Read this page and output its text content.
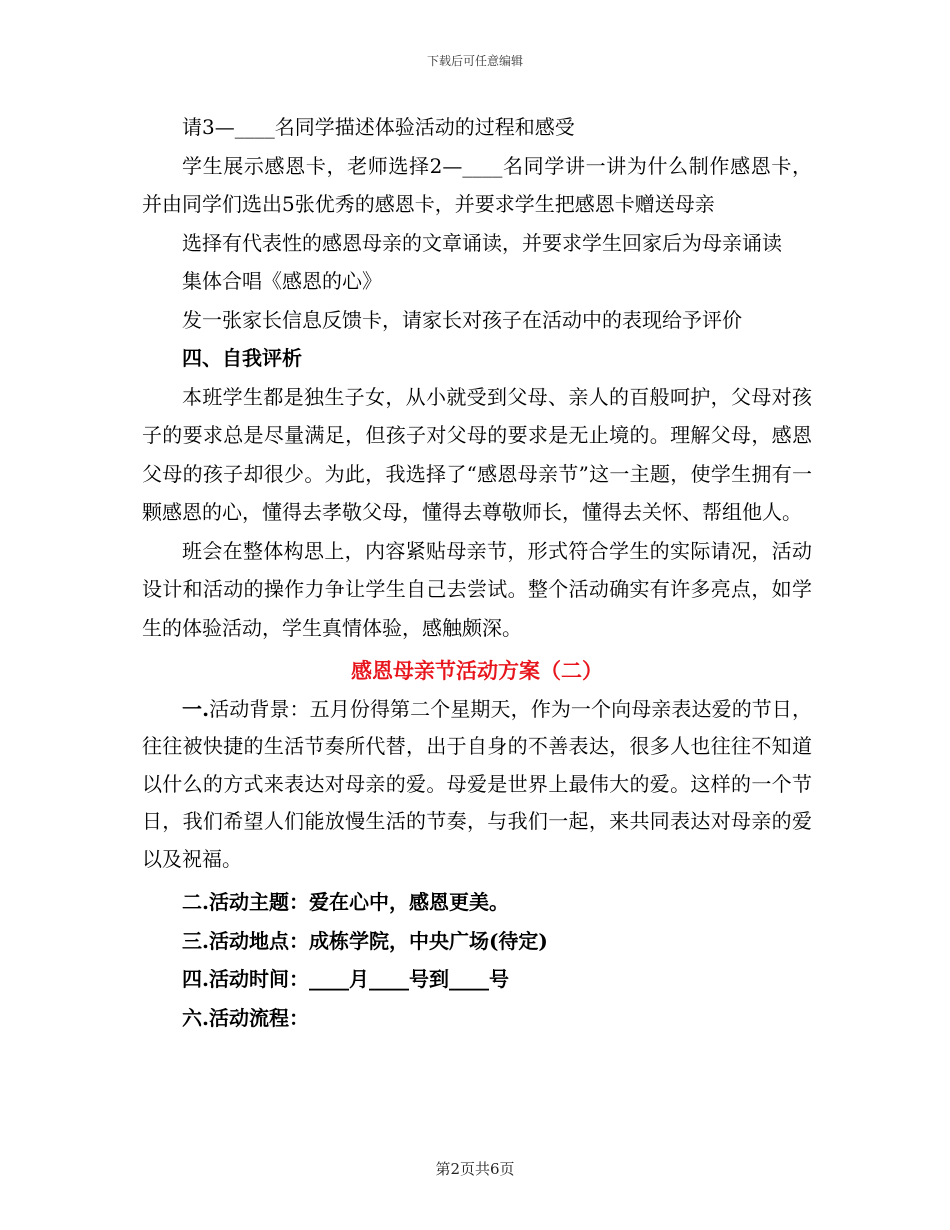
下载后可任意编辑

请3—____名同学描述体验活动的过程和感受

学生展示感恩卡，老师选择2—____名同学讲一讲为什么制作感恩卡，并由同学们选出5张优秀的感恩卡，并要求学生把感恩卡赠送母亲

选择有代表性的感恩母亲的文章诵读，并要求学生回家后为母亲诵读

集体合唱《感恩的心》

发一张家长信息反馈卡，请家长对孩子在活动中的表现给予评价

四、自我评析

本班学生都是独生子女，从小就受到父母、亲人的百般呵护，父母对孩子的要求总是尽量满足，但孩子对父母的要求是无止境的。理解父母，感恩父母的孩子却很少。为此，我选择了“感恩母亲节”这一主题，使学生拥有一颗感恩的心，懂得去孝敬父母，懂得去尊敬师长，懂得去关怀、帮组他人。

班会在整体构思上，内容紧贴母亲节，形式符合学生的实际请况，活动设计和活动的操作力争让学生自己去尝试。整个活动确实有许多亮点，如学生的体验活动，学生真情体验，感触颇深。

感恩母亲节活动方案（二）

一.活动背景：五月份得第二个星期天，作为一个向母亲表达爱的节日，往往被快捷的生活节奏所代替，出于自身的不善表达，很多人也往往不知道以什么的方式来表达对母亲的爱。母爱是世界上最伟大的爱。这样的一个节日，我们希望人们能放慢生活的节奏，与我们一起，来共同表达对母亲的爱以及祝福。

二.活动主题：爱在心中，感恩更美。

三.活动地点：成栋学院，中央广场(待定)

四.活动时间：____月____号到____号

六.活动流程：

第2页共6页
